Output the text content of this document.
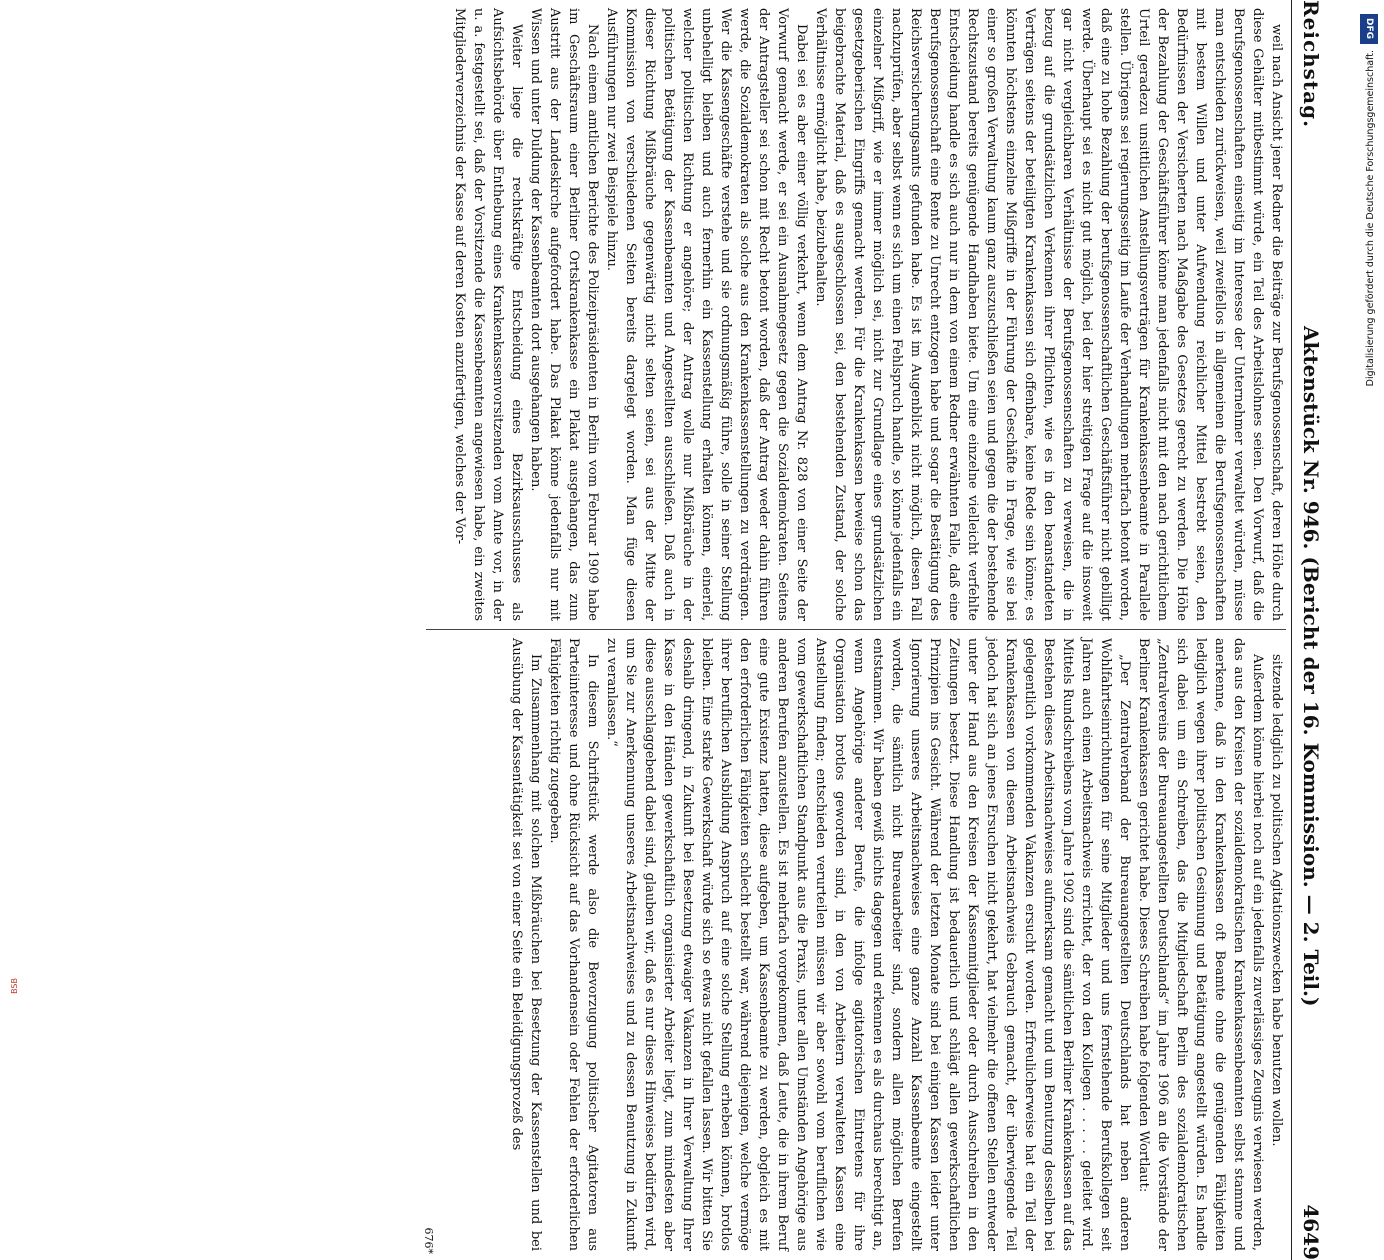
Reichstag.
Aktenstück Nr. 946. (Bericht der 16. Kommission. — 2. Teil.)
4649

weil nach Ansicht jener Redner die Beiträge zur Berufsgenossenschaft, deren Höhe durch diese Gehälter mitbestimmt würde, ein Teil des Arbeitslohnes seien. Den Vorwurf, daß die Berufsgenossenschaften einseitig im Interesse der Unternehmer verwaltet würden, müsse man entschieden zurückweisen, weil zweifellos in allgemeinen die Berufsgenossenschaften mit bestem Willen und unter Aufwendung reichlicher Mittel bestrebt seien, den Bedürfnissen der Versicherten nach Maßgabe des Gesetzes gerecht zu werden. Die Höhe der Bezahlung der Geschäftsführer könne man jedenfalls nicht mit den nach gerichtlichem Urteil geradezu unsittlichen Anstellungsverträgen für Krankenkassenbeamte in Parallele stellen. Übrigens sei regierungsseitig im Laufe der Verhandlungen mehrfach betont worden, daß eine zu hohe Bezahlung der berufsgenossenschaftlichen Geschäftsführer nicht gebilligt werde. Überhaupt sei es nicht gut möglich, bei der hier streitigen Frage auf die insoweit gar nicht vergleichbaren Verhältnisse der Berufsgenossenschaften zu verweisen, die in bezug auf die grundsätzlichen Verkennen ihrer Pflichten, wie es in den beanstandeten Verträgen seitens der beteiligten Krankenkassen sich offenbare, keine Rede sein könne; es könnten höchstens einzelne Mißgriffe in der Führung der Geschäfte in Frage, wie sie bei einer so großen Verwaltung kaum ganz auszuschließen seien und gegen die der bestehende Rechtszustand bereits genügende Handhaben biete. Um eine einzelne vielleicht verfehlte Entscheidung handle es sich auch nur in dem von einem Redner erwähnten Falle, daß eine Berufsgenossenschaft eine Rente zu Unrecht entzogen habe und sogar die Bestätigung des Reichsversicherungsamts gefunden habe. Es ist im Augenblick nicht möglich, diesen Fall nachzuprüfen, aber selbst wenn es sich um einen Fehlspruch handle, so könne jedenfalls ein einzelner Mißgriff, wie er immer möglich sei, nicht zur Grundlage eines grundsätzlichen gesetzgeberischen Eingriffs gemacht werden. Für die Krankenkassen beweise schon das beigebrachte Material, daß es ausgeschlossen sei, den bestehenden Zustand, der solche Verhältnisse ermöglicht habe, beizubehalten.

Dabei sei es aber einer völlig verkehrt, wenn dem Antrag Nr. 828 von einer Seite der Vorwurf gemacht werde, er sei ein Ausnahmegesetz gegen die Sozialdemokraten. Seitens der Antragsteller sei schon mit Recht betont worden, daß der Antrag weder dahin führen werde, die Sozialdemokraten als solche aus den Krankenkassenstellungen zu verdrängen. Wer die Kassengeschäfte verstehe und sie ordnungsmäßig führe, solle in seiner Stellung unbehelligt bleiben und auch fernerhin ein Kassenstellung erhalten können, einerlei, welcher politischen Richtung er angehöre; der Antrag wolle nur Mißbräuche in der politischen Betätigung der Kassenbeamten und Angestellten ausschließen. Daß auch in dieser Richtung Mißbräuche gegenwärtig nicht selten seien, sei aus der Mitte der Kommission von verschiedenen Seiten bereits dargelegt worden. Man füge diesen Ausführungen nur zwei Beispiele hinzu.

Nach einem amtlichen Berichte des Polizeipräsidenten in Berlin vom Februar 1909 habe im Geschäftsraum einer Berliner Ortskrankenkasse ein Plakat ausgehangen, das zum Austritt aus der Landeskirche aufgefordert habe. Das Plakat könne jedenfalls nur mit Wissen und unter Duldung der Kassenbeamten dort ausgehangen haben.

Weiter liege die rechtskräftige Entscheidung eines Bezirksausschusses als Aufsichtsbehörde über Enthebung eines Krankenkassenvorsitzenden vom Amte vor, in der u. a. festgestellt sei, daß der Vorsitzende die Kassenbeamten angewiesen habe, ein zweites Mitgliederverzeichnis der Kasse auf deren Kosten anzufertigen, welches der Vor-

sitzende lediglich zu politischen Agitationszwecken habe benutzen wollen.

Außerdem könne hierbei noch auf ein jedenfalls zuverlässiges Zeugnis verwiesen werden, das aus den Kreisen der sozialdemokratischen Krankenkassenbeamten selbst stamme und anerkenne, daß in den Krankenkassen oft Beamte ohne die genügenden Fähigkeiten lediglich wegen ihrer politischen Gesinnung und Betätigung angestellt würden. Es handle sich dabei um ein Schreiben, das die Mitgliedschaft Berlin des sozialdemokratischen „Zentralvereins der Bureauangestellten Deutschlands“ im Jahre 1906 an die Vorstände der Berliner Krankenkassen gerichtet habe. Dieses Schreiben habe folgenden Wortlaut:

„Der Zentralverband der Bureauangestellten Deutschlands hat neben anderen Wohlfahrtseinrichtungen für seine Mitglieder und uns fernstehende Berufskollegen seit Jahren auch einen Arbeitsnachweis errichtet, der von den Kollegen . . . . . geleitet wird. Mittels Rundschreibens vom Jahre 1902 sind die sämtlichen Berliner Krankenkassen auf das Bestehen dieses Arbeitsnachweises aufmerksam gemacht und um Benutzung desselben bei gelegentlich vorkommenden Vakanzen ersucht worden. Erfreulicherweise hat ein Teil der Krankenkassen von diesem Arbeitsnachweis Gebrauch gemacht, der überwiegende Teil jedoch hat sich an jenes Ersuchen nicht gekehrt, hat vielmehr die offenen Stellen entweder unter der Hand aus den Kreisen der Kassenmitglieder oder durch Ausschreiben in den Zeitungen besetzt. Diese Handlung ist bedauerlich und schlägt allen gewerkschaftlichen Prinzipien ins Gesicht. Während der letzten Monate sind bei einigen Kassen leider unter Ignorierung unseres Arbeitsnachweises eine ganze Anzahl Kassenbeamte eingestellt worden, die sämtlich nicht Bureauarbeiter sind, sondern allen möglichen Berufen entstammen. Wir haben gewiß nichts dagegen und erkennen es als durchaus berechtigt an, wenn Angehörige anderer Berufe, die infolge agitatorischen Eintretens für ihre Organisation brotlos geworden sind, in den von Arbeitern verwalteten Kassen eine Anstellung finden; entschieden verurteilen müssen wir aber sowohl vom beruflichen wie vom gewerkschaftlichen Standpunkt aus die Praxis, unter allen Umständen Angehörige aus anderen Berufen anzustellen. Es ist mehrfach vorgekommen, daß Leute, die in ihrem Beruf eine gute Existenz hatten, diese aufgeben, um Kassenbeamte zu werden, obgleich es mit den erforderlichen Fähigkeiten schlecht bestellt war, während diejenigen, welche vermöge ihrer beruflichen Ausbildung Anspruch auf eine solche Stellung erheben können, brotlos bleiben. Eine starke Gewerkschaft würde sich so etwas nicht gefallen lassen. Wir bitten Sie deshalb dringend, in Zukunft bei Besetzung etwaiger Vakanzen in Ihrer Verwaltung Ihrer Kasse in den Händen gewerkschaftlich organisierter Arbeiter liegt, zum mindesten aber diese ausschlaggebend dabei sind, glauben wir, daß es nur dieses Hinweises bedürfen wird, um Sie zur Anerkennung unseres Arbeitsnachweises und zu dessen Benutzung in Zukunft zu veranlassen.“

In diesem Schriftstück werde also die Bevorzugung politischer Agitatoren aus Parteiinteresse und ohne Rücksicht auf das Vorhandensein oder Fehlen der erforderlichen Fähigkeiten richtig zugegeben.

Im Zusammenhang mit solchen Mißbräuchen bei Besetzung der Kassenstellen und bei Ausübung der Kassentätigkeit sei von einer Seite ein Beleidigungsprozeß des

676*
DFG
Digitalisierung gefördert durch die Deutsche Forschungsgemeinschaft.
BSB
